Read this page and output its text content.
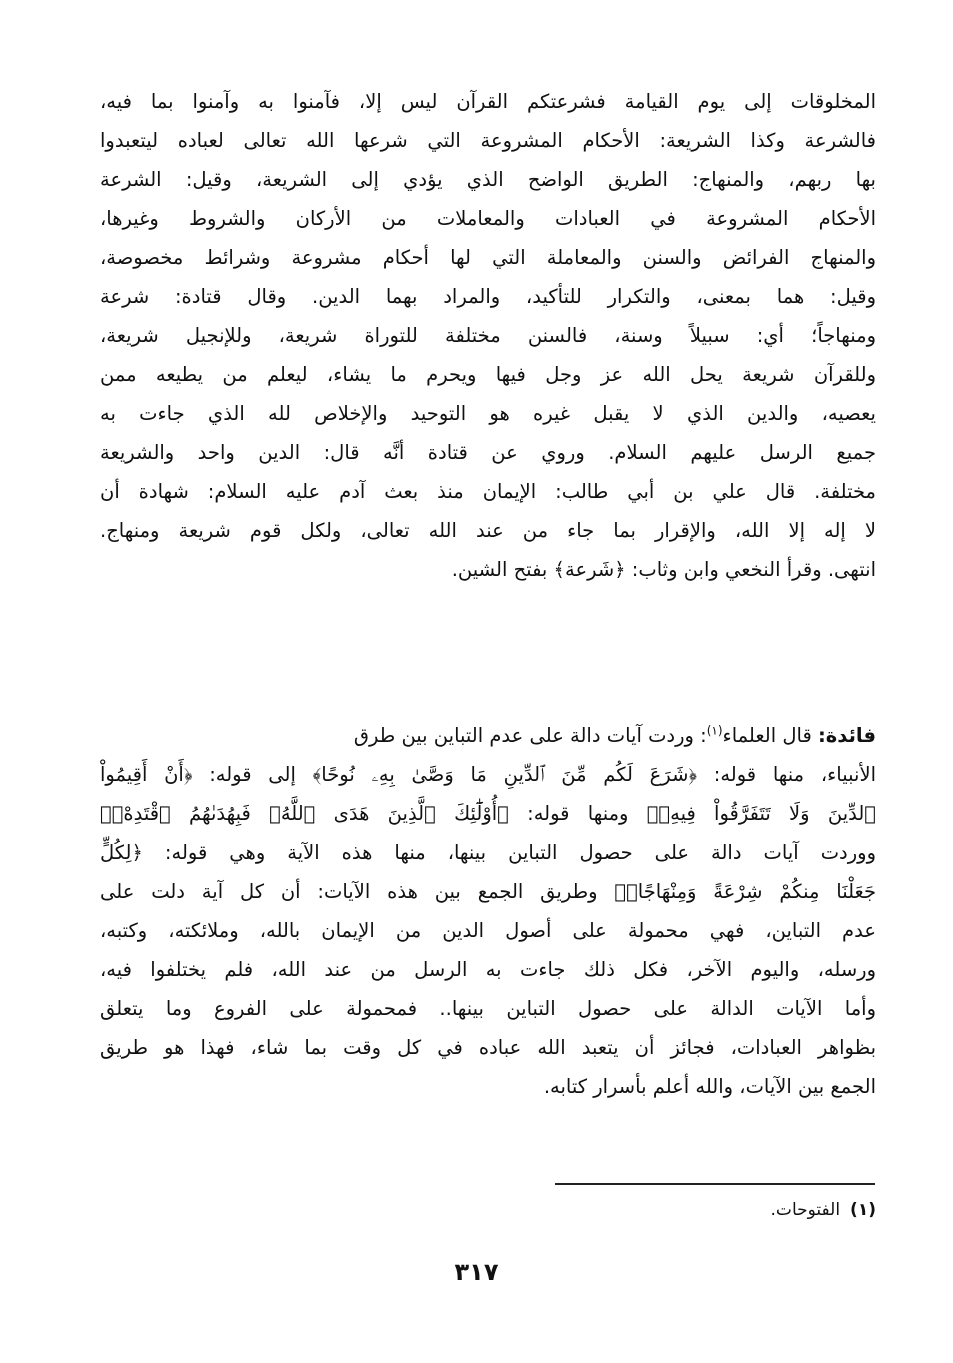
المخلوقات إلى يوم القيامة فشرعتكم القرآن ليس إلا، فآمنوا به وآمنوا بما فيه،
فالشرعة وكذا الشريعة: الأحكام المشروعة التي شرعها الله تعالى لعباده ليتعبدوا
بها ربهم، والمنهاج: الطريق الواضح الذي يؤدي إلى الشريعة، وقيل: الشرعة
الأحكام المشروعة في العبادات والمعاملات من الأركان والشروط وغيرها،
والمنهاج الفرائض والسنن والمعاملة التي لها أحكام مشروعة وشرائط مخصوصة،
وقيل: هما بمعنى، والتكرار للتأكيد، والمراد بهما الدين. وقال قتادة: شرعة
ومنهاجاً؛ أي: سبيلاً وسنة، فالسنن مختلفة للتوراة شريعة، وللإنجيل شريعة،
وللقرآن شريعة يحل الله عز وجل فيها ويحرم ما يشاء، ليعلم من يطيعه ممن
يعصيه، والدين الذي لا يقبل غيره هو التوحيد والإخلاص لله الذي جاءت به
جميع الرسل عليهم السلام. وروي عن قتادة أنَّه قال: الدين واحد والشريعة
مختلفة. قال علي بن أبي طالب: الإيمان منذ بعث آدم عليه السلام: شهادة أن
لا إله إلا الله، والإقرار بما جاء من عند الله تعالى، ولكل قوم شريعة ومنهاج.
انتهى. وقرأ النخعي وابن وثاب: ﴿شَرعة﴾ بفتح الشين.
فائدة: قال العلماء$^{(١)}$: وردت آيات دالة على عدم التباين بين طرق
الأنبياء، منها قوله: ﴿شَرَعَ لَكُم مِّنَ ٱلدِّينِ مَا وَصَّىٰ بِهِۦ نُوحًا﴾ إلى قوله: ﴿أَنْ أَقِيمُواْ
ٱلدِّينَ وَلَا تَتَفَرَّقُواْ فِيهِۚ﴾ ومنها قوله: ﴿أُوْلَٰٓئِكَ ٱلَّذِينَ هَدَى ٱللَّهُۖ فَبِهُدَىٰهُمُ ٱقْتَدِهْۗ﴾
ووردت آيات دالة على حصول التباين بينها، منها هذه الآية وهي قوله: ﴿لِكُلٍّ
جَعَلْنَا مِنكُمْ شِرْعَةً وَمِنْهَاجًاۚ﴾ وطريق الجمع بين هذه الآيات: أن كل آية دلت على
عدم التباين، فهي محمولة على أصول الدين من الإيمان بالله، وملائكته، وكتبه،
ورسله، واليوم الآخر، فكل ذلك جاءت به الرسل من عند الله، فلم يختلفوا فيه،
وأما الآيات الدالة على حصول التباين بينها.. فمحمولة على الفروع وما يتعلق
بظواهر العبادات، فجائز أن يتعبد الله عباده في كل وقت بما شاء، فهذا هو طريق
الجمع بين الآيات، والله أعلم بأسرار كتابه.
(١)الفتوحات.
٣١٧
